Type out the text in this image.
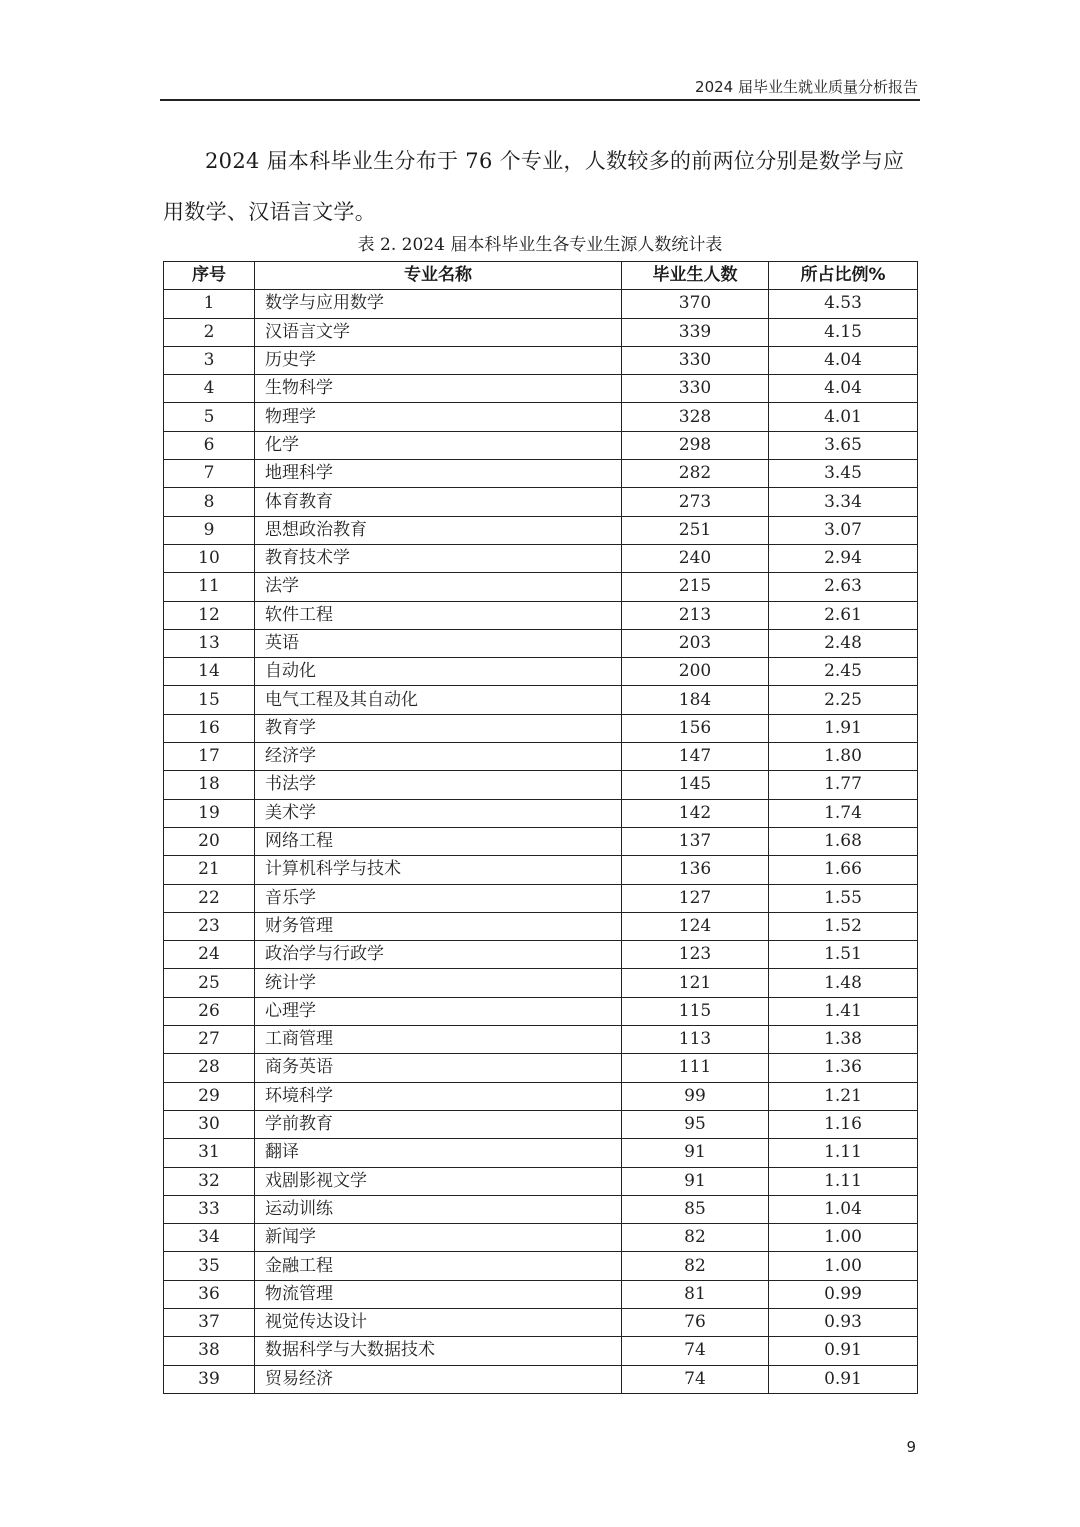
2024 届毕业生就业质量分析报告

2024 届本科毕业生分布于 76 个专业，人数较多的前两位分别是数学与应用数学、汉语言文学。

表 2. 2024 届本科毕业生各专业生源人数统计表
序号	专业名称	毕业生人数	所占比例%
1	数学与应用数学	370	4.53
2	汉语言文学	339	4.15
3	历史学	330	4.04
4	生物科学	330	4.04
5	物理学	328	4.01
6	化学	298	3.65
7	地理科学	282	3.45
8	体育教育	273	3.34
9	思想政治教育	251	3.07
10	教育技术学	240	2.94
11	法学	215	2.63
12	软件工程	213	2.61
13	英语	203	2.48
14	自动化	200	2.45
15	电气工程及其自动化	184	2.25
16	教育学	156	1.91
17	经济学	147	1.80
18	书法学	145	1.77
19	美术学	142	1.74
20	网络工程	137	1.68
21	计算机科学与技术	136	1.66
22	音乐学	127	1.55
23	财务管理	124	1.52
24	政治学与行政学	123	1.51
25	统计学	121	1.48
26	心理学	115	1.41
27	工商管理	113	1.38
28	商务英语	111	1.36
29	环境科学	99	1.21
30	学前教育	95	1.16
31	翻译	91	1.11
32	戏剧影视文学	91	1.11
33	运动训练	85	1.04
34	新闻学	82	1.00
35	金融工程	82	1.00
36	物流管理	81	0.99
37	视觉传达设计	76	0.93
38	数据科学与大数据技术	74	0.91
39	贸易经济	74	0.91
9
